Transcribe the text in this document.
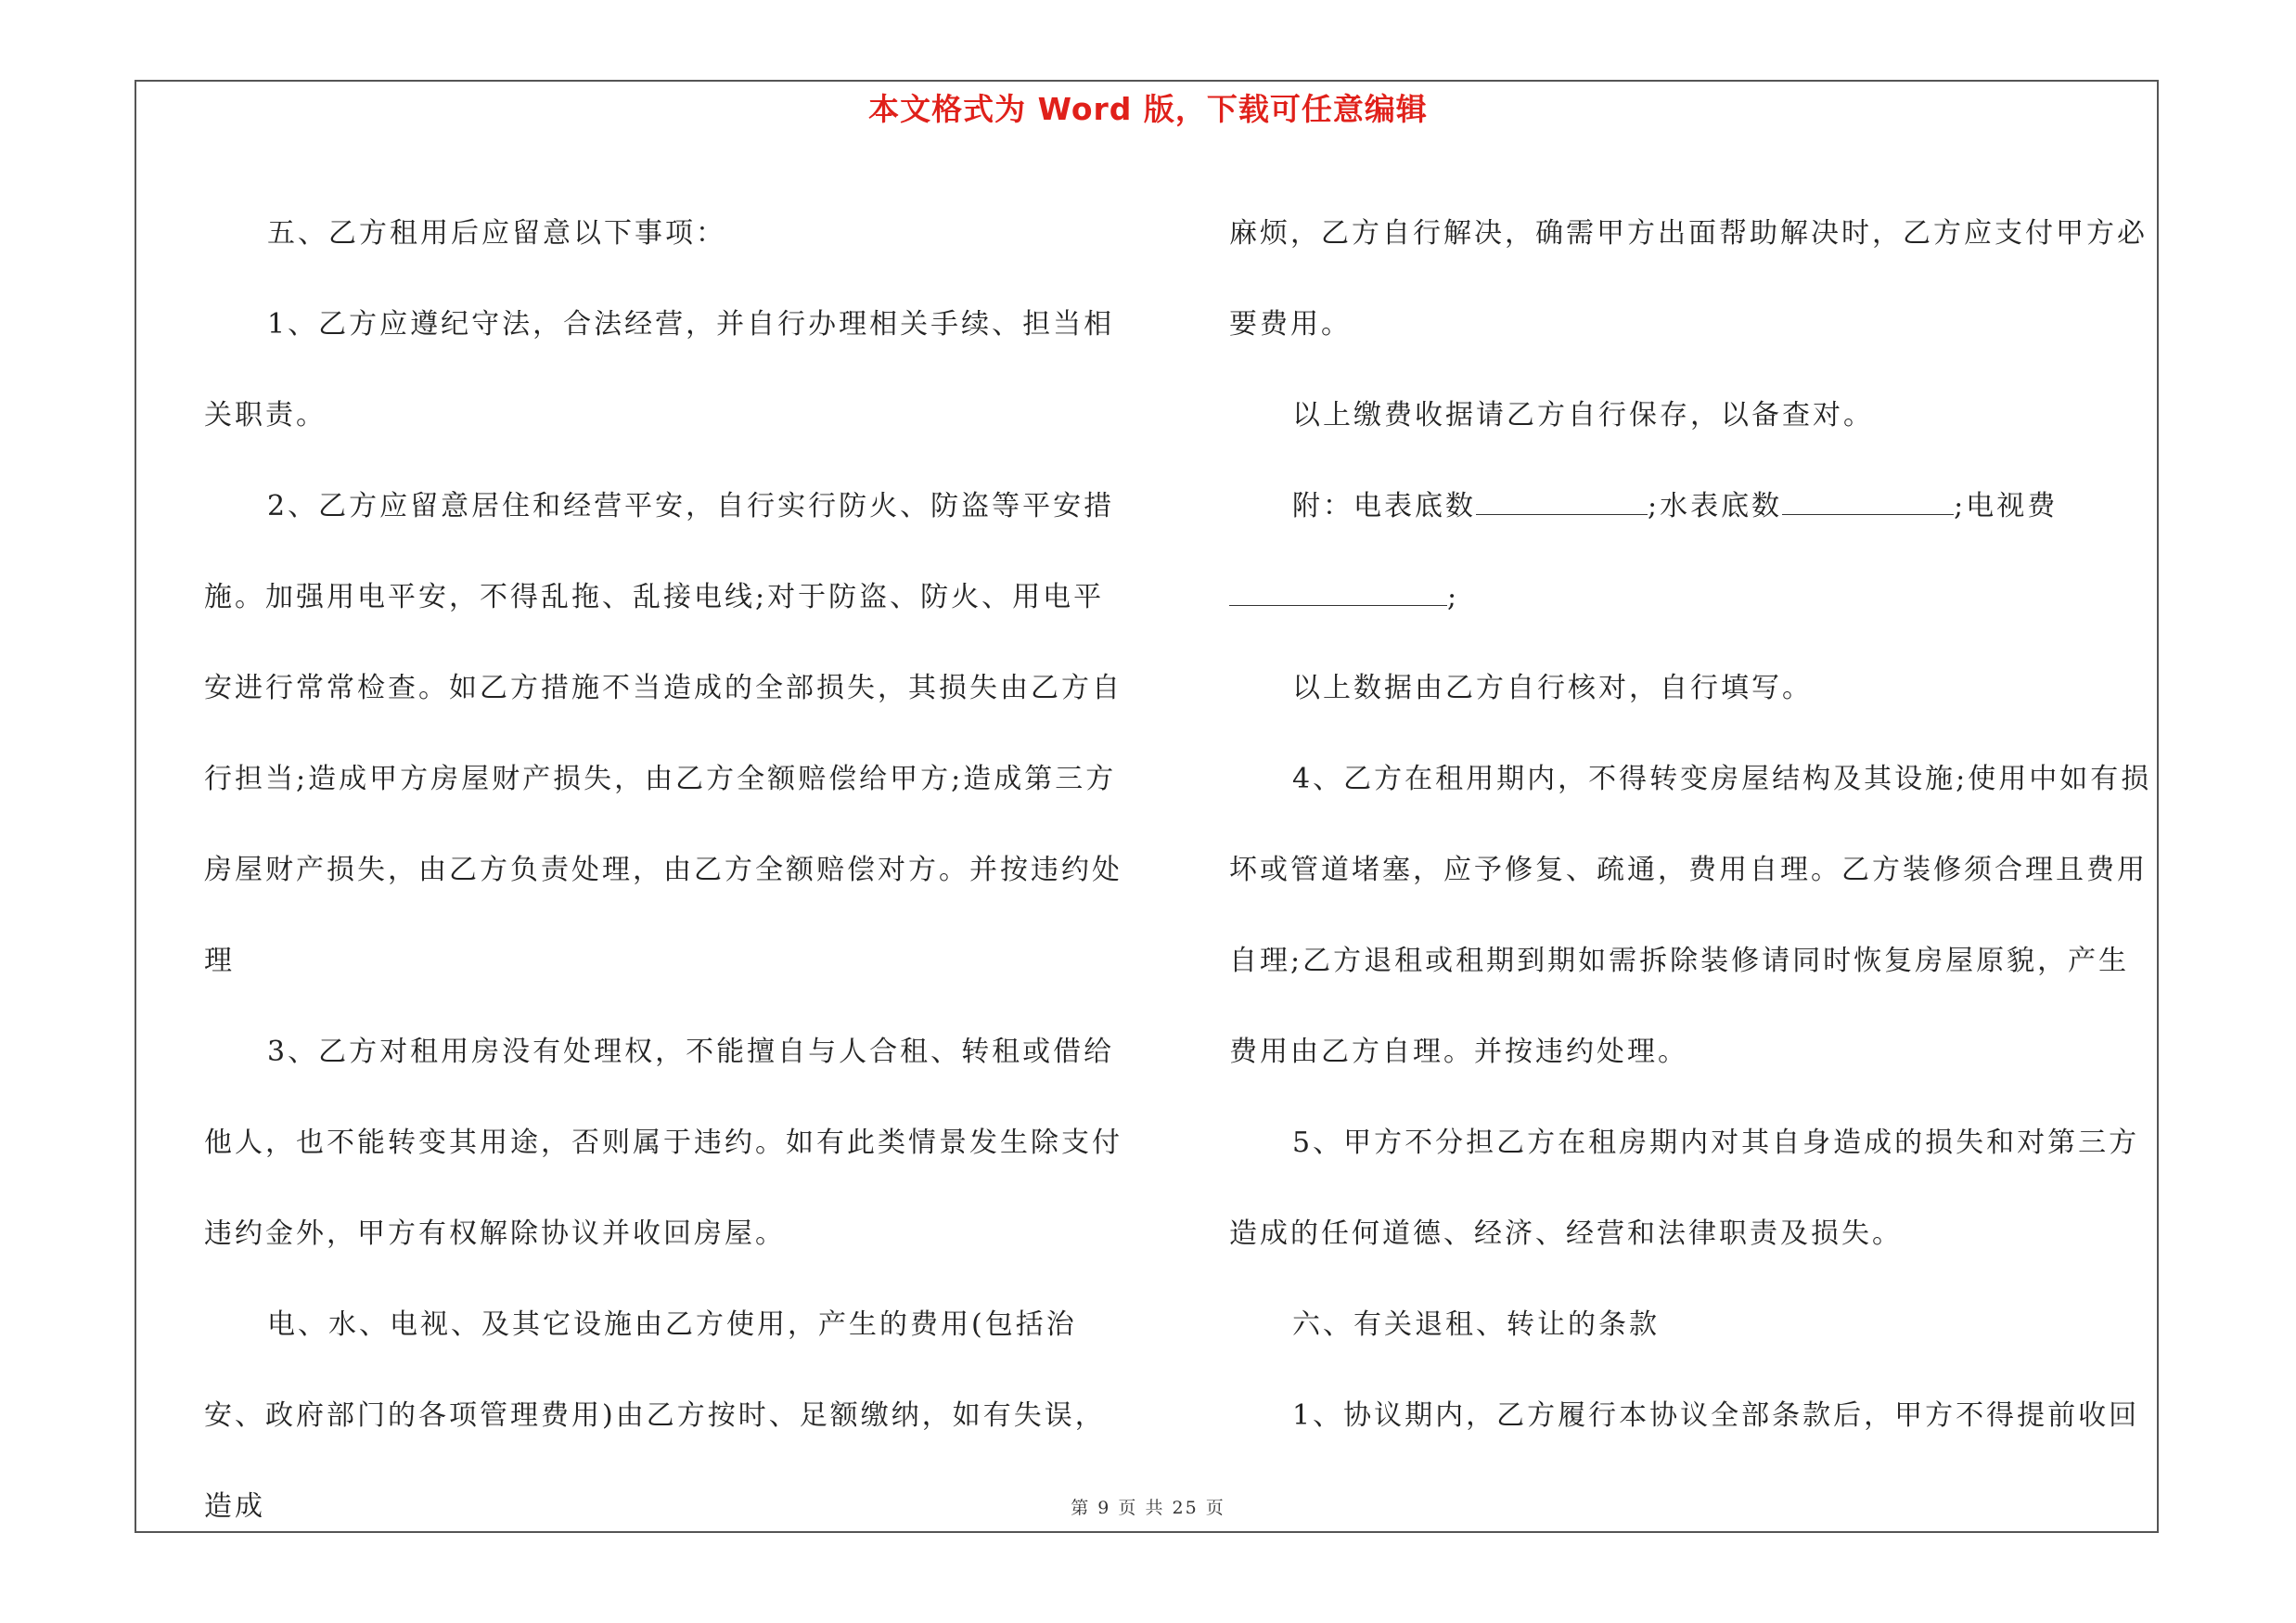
本文格式为 Word 版，下载可任意编辑

五、乙方租用后应留意以下事项：

1、乙方应遵纪守法，合法经营，并自行办理相关手续、担当相关职责。

2、乙方应留意居住和经营平安，自行实行防火、防盗等平安措施。加强用电平安，不得乱拖、乱接电线;对于防盗、防火、用电平安进行常常检查。如乙方措施不当造成的全部损失，其损失由乙方自行担当;造成甲方房屋财产损失，由乙方全额赔偿给甲方;造成第三方房屋财产损失，由乙方负责处理，由乙方全额赔偿对方。并按违约处理

3、乙方对租用房没有处理权，不能擅自与人合租、转租或借给他人，也不能转变其用途，否则属于违约。如有此类情景发生除支付违约金外，甲方有权解除协议并收回房屋。

电、水、电视、及其它设施由乙方使用，产生的费用(包括治安、政府部门的各项管理费用)由乙方按时、足额缴纳，如有失误，造成

麻烦，乙方自行解决，确需甲方出面帮助解决时，乙方应支付甲方必要费用。

以上缴费收据请乙方自行保存，以备查对。

附：电表底数	;水表底数	;电视费
;

以上数据由乙方自行核对，自行填写。

4、乙方在租用期内，不得转变房屋结构及其设施;使用中如有损坏或管道堵塞，应予修复、疏通，费用自理。乙方装修须合理且费用自理;乙方退租或租期到期如需拆除装修请同时恢复房屋原貌，产生费用由乙方自理。并按违约处理。

5、甲方不分担乙方在租房期内对其自身造成的损失和对第三方造成的任何道德、经济、经营和法律职责及损失。

六、有关退租、转让的条款

1、协议期内，乙方履行本协议全部条款后，甲方不得提前收回

第 9 页 共 25 页
